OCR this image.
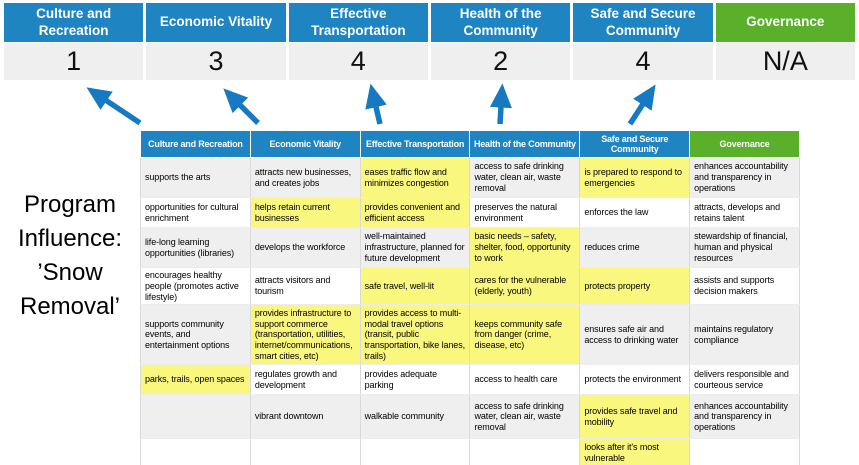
Culture and Recreation
Economic Vitality
Effective Transportation
Health of the Community
Safe and Secure Community
Governance
1	3	4	2	4	N/A
Program
Influence:
’Snow
Removal’
Culture and Recreation	Economic Vitality	Effective Transportation	Health of the Community	Safe and Secure Community	Governance
supports the arts	attracts new businesses, and creates jobs	eases traffic flow and minimizes congestion	access to safe drinking water, clean air, waste removal	is prepared to respond to emergencies	enhances accountability and transparency in operations
opportunities for cultural enrichment	helps retain current businesses	provides convenient and efficient access	preserves the natural environment	enforces the law	attracts, develops and retains talent
life-long learning opportunities (libraries)	develops the workforce	well-maintained infrastructure, planned for future development	basic needs – safety, shelter, food, opportunity to work	reduces crime	stewardship of financial, human and physical resources
encourages healthy people (promotes active lifestyle)	attracts visitors and tourism	safe travel, well-lit	cares for the vulnerable (elderly, youth)	protects property	assists and supports decision makers
supports community events, and entertainment options	provides infrastructure to support commerce (transportation, utilities, internet/communications, smart cities, etc)	provides access to multi-modal travel options (transit, public transportation, bike lanes, trails)	keeps community safe from danger (crime, disease, etc)	ensures safe air and access to drinking water	maintains regulatory compliance
parks, trails, open spaces	regulates growth and development	provides adequate parking	access to health care	protects the environment	delivers responsible and courteous service
	vibrant downtown	walkable community	access to safe drinking water, clean air, waste removal	provides safe travel and mobility	enhances accountability and transparency in operations
				looks after it's most vulnerable	
